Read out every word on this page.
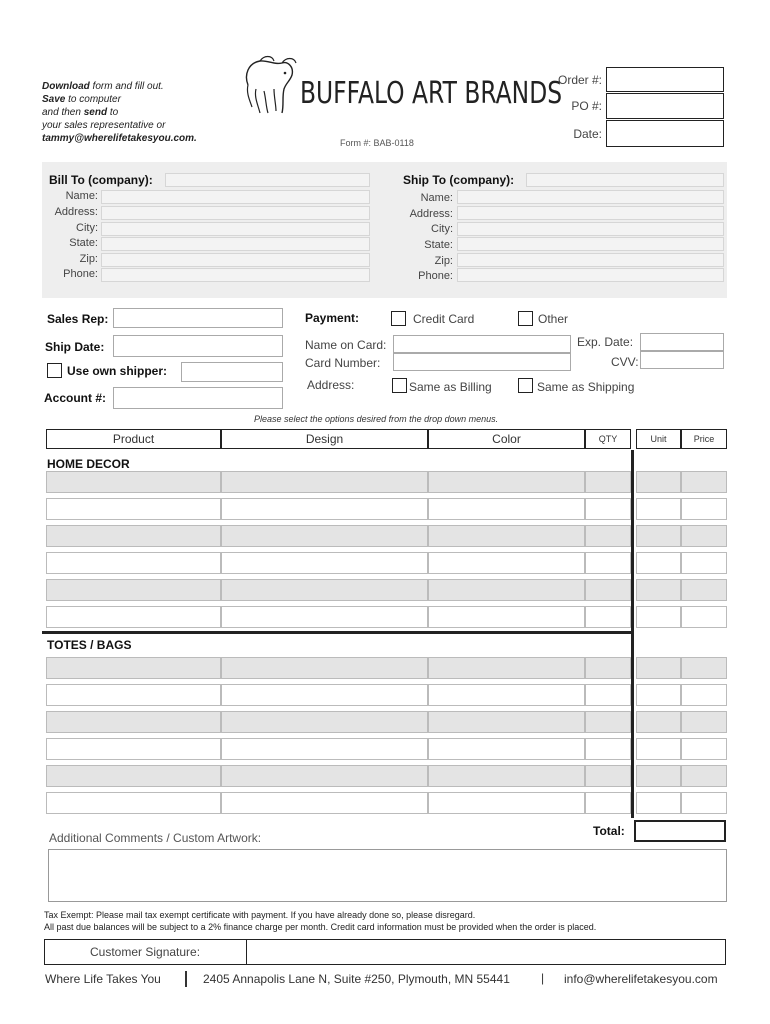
Download form and fill out.
Save to computer
and then send to
your sales representative or
tammy@wherelifetakesyou.com.
BUFFALO ART BRANDS
Form #: BAB-0118
Order #:
PO #:
Date:
Bill To (company):	Ship To (company):
Name:
Address:
City:
State:
Zip:
Phone:
Name:
Address:
City:
State:
Zip:
Phone:
Sales Rep:
Ship Date:
Use own shipper:
Account #:
Payment:	Credit Card	Other
Name on Card:
Card Number:
Exp. Date:
CVV:
Address:	Same as Billing	Same as Shipping
Please select the options desired from the drop down menus.
Product	Design	Color	QTY	Unit	Price
HOME DECOR
TOTES / BAGS
Total:
Additional Comments / Custom Artwork:
Tax Exempt: Please mail tax exempt certificate with payment. If you have already done so, please disregard.
All past due balances will be subject to a 2% finance charge per month. Credit card information must be provided when the order is placed.
Customer Signature:
Where Life Takes You	2405 Annapolis Lane N, Suite #250, Plymouth, MN 55441	| info@wherelifetakesyou.com
